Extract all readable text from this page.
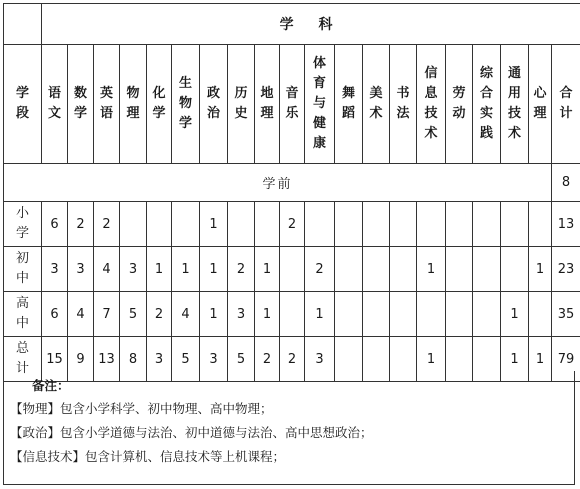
	学 科																			
学段	语文	数学	英语	物理	化学	生物学	政治	历史	地理	音乐	体育与健康	舞蹈	美术	书法	信息技术	劳动	综合实践	通用技术	心理	合计
学前																				8
小学	6	2	2				1			2										13
初中	3	3	4	3	1	1	1	2	1		2				1				1	23
高中	6	4	7	5	2	4	1	3	1		1							1		35
总计	15	9	13	8	3	5	3	5	2	2	3				1			1	1	79
备注：
【物理】包含小学科学、初中物理、高中物理；
【政治】包含小学道德与法治、初中道德与法治、高中思想政治；
【信息技术】包含计算机、信息技术等上机课程；
